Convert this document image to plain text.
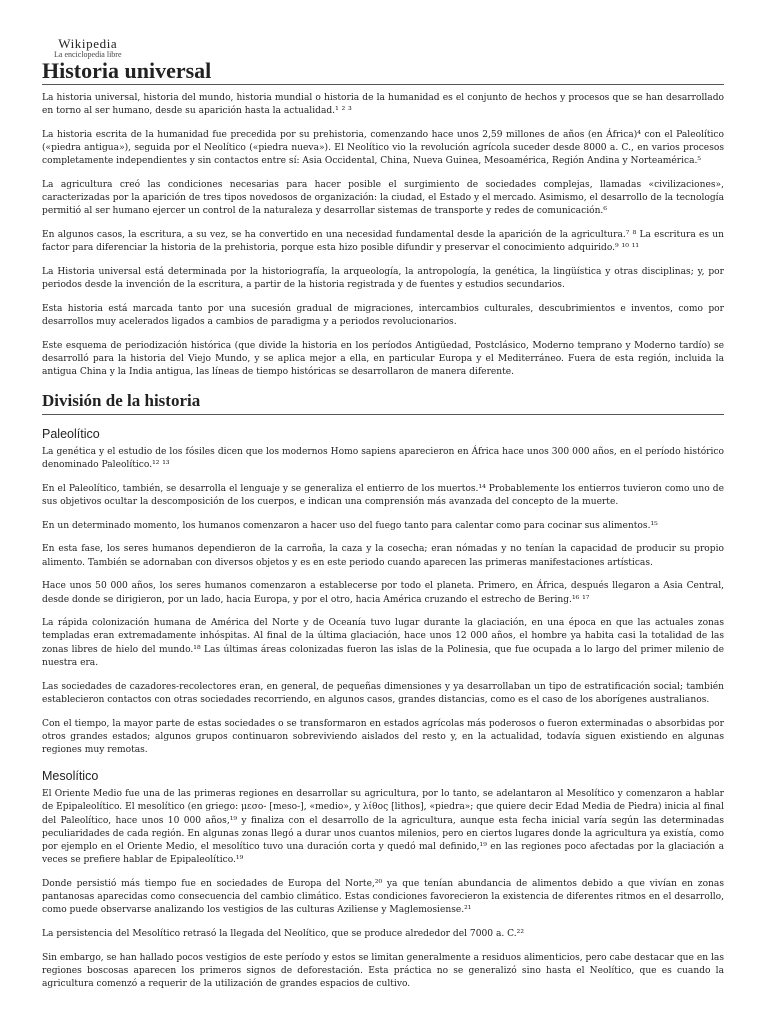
Wikipedia
La enciclopedia libre
Historia universal

La historia universal, historia del mundo, historia mundial o historia de la humanidad es el conjunto de hechos y procesos que se han desarrollado en torno al ser humano, desde su aparición hasta la actualidad.¹ ² ³

La historia escrita de la humanidad fue precedida por su prehistoria, comenzando hace unos 2,59 millones de años (en África)⁴ con el Paleolítico («piedra antigua»), seguida por el Neolítico («piedra nueva»). El Neolítico vio la revolución agrícola suceder desde 8000 a. C., en varios procesos completamente independientes y sin contactos entre sí: Asia Occidental, China, Nueva Guinea, Mesoamérica, Región Andina y Norteamérica.⁵

La agricultura creó las condiciones necesarias para hacer posible el surgimiento de sociedades complejas, llamadas «civilizaciones», caracterizadas por la aparición de tres tipos novedosos de organización: la ciudad, el Estado y el mercado. Asimismo, el desarrollo de la tecnología permitió al ser humano ejercer un control de la naturaleza y desarrollar sistemas de transporte y redes de comunicación.⁶

En algunos casos, la escritura, a su vez, se ha convertido en una necesidad fundamental desde la aparición de la agricultura.⁷ ⁸ La escritura es un factor para diferenciar la historia de la prehistoria, porque esta hizo posible difundir y preservar el conocimiento adquirido.⁹ ¹⁰ ¹¹

La Historia universal está determinada por la historiografía, la arqueología, la antropología, la genética, la lingüística y otras disciplinas; y, por periodos desde la invención de la escritura, a partir de la historia registrada y de fuentes y estudios secundarios.

Esta historia está marcada tanto por una sucesión gradual de migraciones, intercambios culturales, descubrimientos e inventos, como por desarrollos muy acelerados ligados a cambios de paradigma y a periodos revolucionarios.

Este esquema de periodización histórica (que divide la historia en los períodos Antigüedad, Postclásico, Moderno temprano y Moderno tardío) se desarrolló para la historia del Viejo Mundo, y se aplica mejor a ella, en particular Europa y el Mediterráneo. Fuera de esta región, incluida la antigua China y la India antigua, las líneas de tiempo históricas se desarrollaron de manera diferente.

División de la historia
Paleolítico

La genética y el estudio de los fósiles dicen que los modernos Homo sapiens aparecieron en África hace unos 300 000 años, en el período histórico denominado Paleolítico.¹² ¹³

En el Paleolítico, también, se desarrolla el lenguaje y se generaliza el entierro de los muertos.¹⁴ Probablemente los entierros tuvieron como uno de sus objetivos ocultar la descomposición de los cuerpos, e indican una comprensión más avanzada del concepto de la muerte.

En un determinado momento, los humanos comenzaron a hacer uso del fuego tanto para calentar como para cocinar sus alimentos.¹⁵

En esta fase, los seres humanos dependieron de la carroña, la caza y la cosecha; eran nómadas y no tenían la capacidad de producir su propio alimento. También se adornaban con diversos objetos y es en este periodo cuando aparecen las primeras manifestaciones artísticas.

Hace unos 50 000 años, los seres humanos comenzaron a establecerse por todo el planeta. Primero, en África, después llegaron a Asia Central, desde donde se dirigieron, por un lado, hacia Europa, y por el otro, hacia América cruzando el estrecho de Bering.¹⁶ ¹⁷

La rápida colonización humana de América del Norte y de Oceanía tuvo lugar durante la glaciación, en una época en que las actuales zonas templadas eran extremadamente inhóspitas. Al final de la última glaciación, hace unos 12 000 años, el hombre ya habita casi la totalidad de las zonas libres de hielo del mundo.¹⁸ Las últimas áreas colonizadas fueron las islas de la Polinesia, que fue ocupada a lo largo del primer milenio de nuestra era.

Las sociedades de cazadores-recolectores eran, en general, de pequeñas dimensiones y ya desarrollaban un tipo de estratificación social; también establecieron contactos con otras sociedades recorriendo, en algunos casos, grandes distancias, como es el caso de los aborígenes australianos.

Con el tiempo, la mayor parte de estas sociedades o se transformaron en estados agrícolas más poderosos o fueron exterminadas o absorbidas por otros grandes estados; algunos grupos continuaron sobreviviendo aislados del resto y, en la actualidad, todavía siguen existiendo en algunas regiones muy remotas.

Mesolítico

El Oriente Medio fue una de las primeras regiones en desarrollar su agricultura, por lo tanto, se adelantaron al Mesolítico y comenzaron a hablar de Epipaleolítico. El mesolítico (en griego: μεσο- [meso-], «medio», y λίθος [lithos], «piedra»; que quiere decir Edad Media de Piedra) inicia al final del Paleolítico, hace unos 10 000 años,¹⁹ y finaliza con el desarrollo de la agricultura, aunque esta fecha inicial varía según las determinadas peculiaridades de cada región. En algunas zonas llegó a durar unos cuantos milenios, pero en ciertos lugares donde la agricultura ya existía, como por ejemplo en el Oriente Medio, el mesolítico tuvo una duración corta y quedó mal definido,¹⁹ en las regiones poco afectadas por la glaciación a veces se prefiere hablar de Epipaleolítico.¹⁹

Donde persistió más tiempo fue en sociedades de Europa del Norte,²⁰ ya que tenían abundancia de alimentos debido a que vivían en zonas pantanosas aparecidas como consecuencia del cambio climático. Estas condiciones favorecieron la existencia de diferentes ritmos en el desarrollo, como puede observarse analizando los vestigios de las culturas Aziliense y Maglemosiense.²¹

La persistencia del Mesolítico retrasó la llegada del Neolítico, que se produce alrededor del 7000 a. C.²²

Sin embargo, se han hallado pocos vestigios de este período y estos se limitan generalmente a residuos alimenticios, pero cabe destacar que en las regiones boscosas aparecen los primeros signos de deforestación. Esta práctica no se generalizó sino hasta el Neolítico, que es cuando la agricultura comenzó a requerir de la utilización de grandes espacios de cultivo.
